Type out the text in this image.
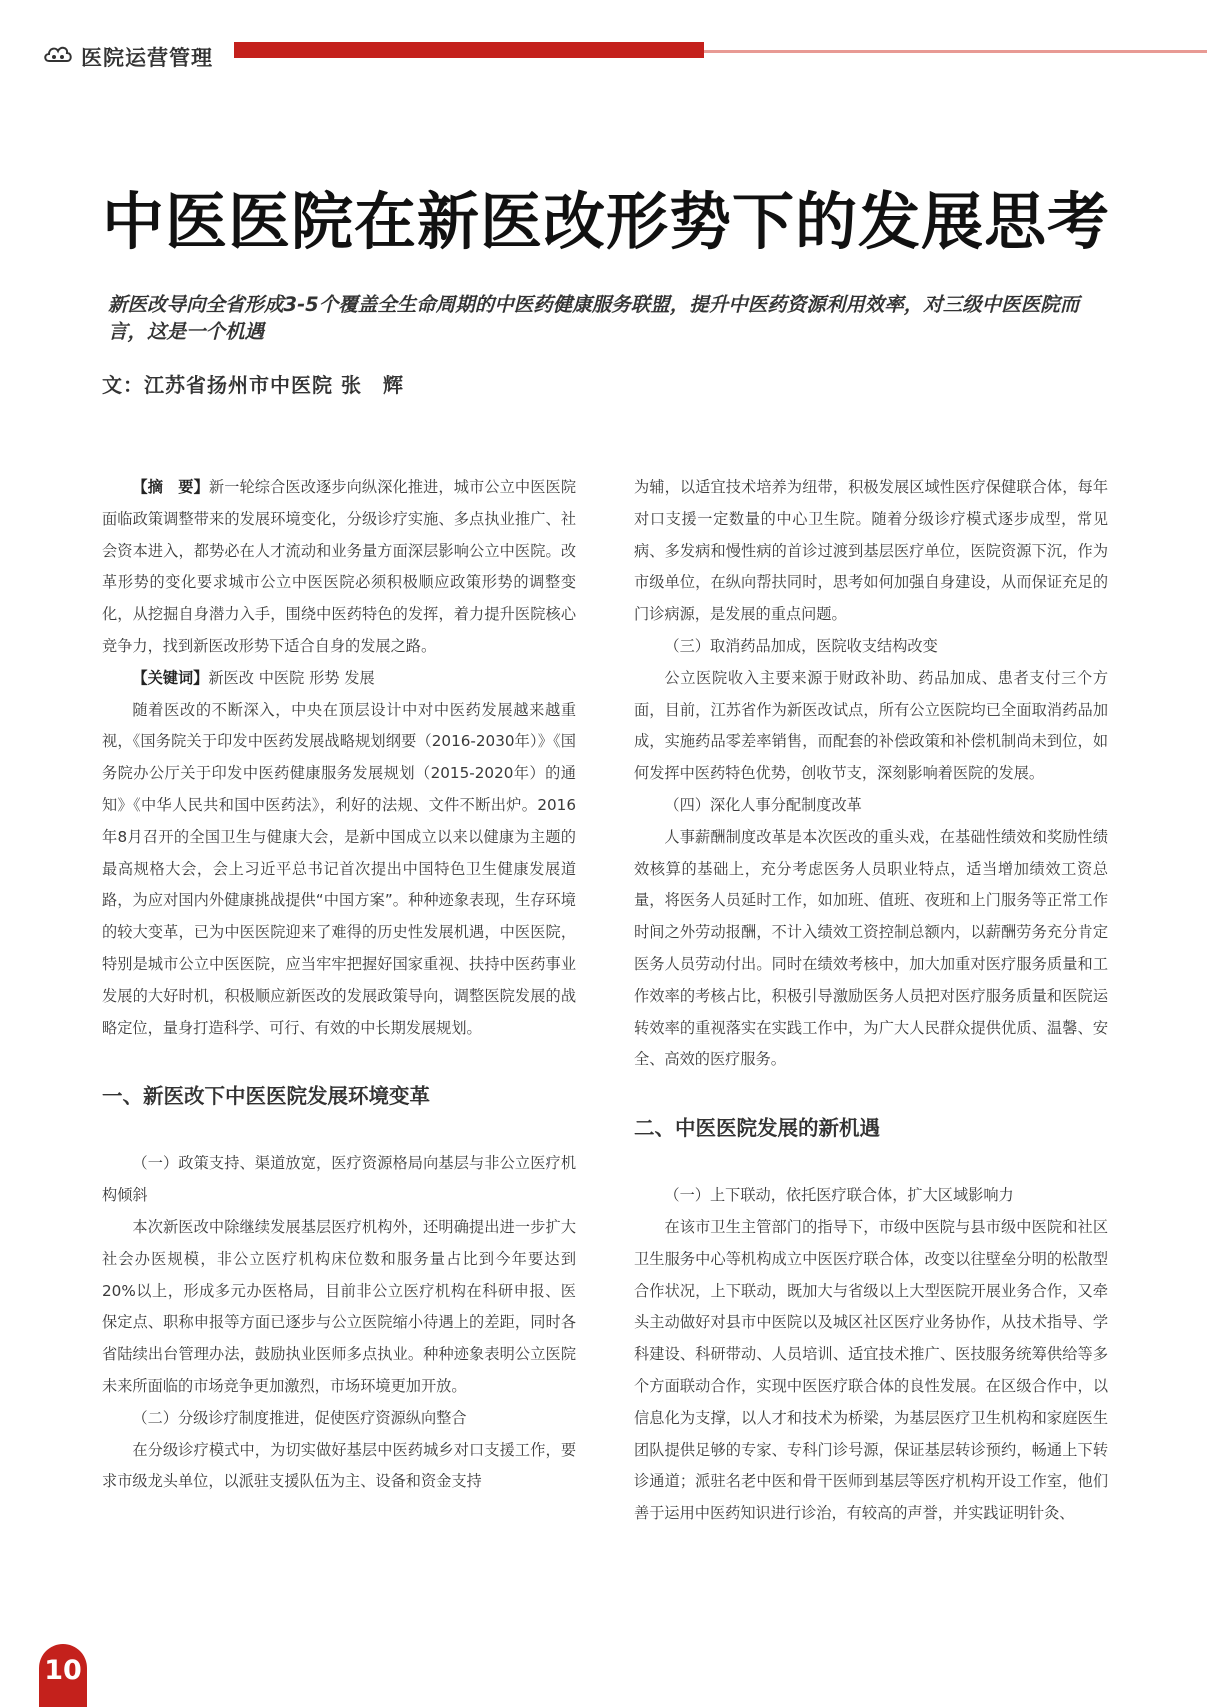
医院运营管理
中医医院在新医改形势下的发展思考
新医改导向全省形成3-5个覆盖全生命周期的中医药健康服务联盟，提升中医药资源利用效率，对三级中医医院而言，这是一个机遇
文：江苏省扬州市中医院 张　辉

【摘　要】新一轮综合医改逐步向纵深化推进，城市公立中医医院面临政策调整带来的发展环境变化，分级诊疗实施、多点执业推广、社会资本进入，都势必在人才流动和业务量方面深层影响公立中医院。改革形势的变化要求城市公立中医医院必须积极顺应政策形势的调整变化，从挖掘自身潜力入手，围绕中医药特色的发挥，着力提升医院核心竞争力，找到新医改形势下适合自身的发展之路。

【关键词】新医改 中医院 形势 发展

随着医改的不断深入，中央在顶层设计中对中医药发展越来越重视，《国务院关于印发中医药发展战略规划纲要（2016-2030年）》《国务院办公厅关于印发中医药健康服务发展规划（2015-2020年）的通知》《中华人民共和国中医药法》，利好的法规、文件不断出炉。2016年8月召开的全国卫生与健康大会，是新中国成立以来以健康为主题的最高规格大会，会上习近平总书记首次提出中国特色卫生健康发展道路，为应对国内外健康挑战提供“中国方案”。种种迹象表现，生存环境的较大变革，已为中医医院迎来了难得的历史性发展机遇，中医医院，特别是城市公立中医医院，应当牢牢把握好国家重视、扶持中医药事业发展的大好时机，积极顺应新医改的发展政策导向，调整医院发展的战略定位，量身打造科学、可行、有效的中长期发展规划。

一、新医改下中医医院发展环境变革

（一）政策支持、渠道放宽，医疗资源格局向基层与非公立医疗机构倾斜

本次新医改中除继续发展基层医疗机构外，还明确提出进一步扩大社会办医规模，非公立医疗机构床位数和服务量占比到今年要达到20%以上，形成多元办医格局，目前非公立医疗机构在科研申报、医保定点、职称申报等方面已逐步与公立医院缩小待遇上的差距，同时各省陆续出台管理办法，鼓励执业医师多点执业。种种迹象表明公立医院未来所面临的市场竞争更加激烈，市场环境更加开放。

（二）分级诊疗制度推进，促使医疗资源纵向整合

在分级诊疗模式中，为切实做好基层中医药城乡对口支援工作，要求市级龙头单位，以派驻支援队伍为主、设备和资金支持

为辅，以适宜技术培养为纽带，积极发展区域性医疗保健联合体，每年对口支援一定数量的中心卫生院。随着分级诊疗模式逐步成型，常见病、多发病和慢性病的首诊过渡到基层医疗单位，医院资源下沉，作为市级单位，在纵向帮扶同时，思考如何加强自身建设，从而保证充足的门诊病源，是发展的重点问题。

（三）取消药品加成，医院收支结构改变

公立医院收入主要来源于财政补助、药品加成、患者支付三个方面，目前，江苏省作为新医改试点，所有公立医院均已全面取消药品加成，实施药品零差率销售，而配套的补偿政策和补偿机制尚未到位，如何发挥中医药特色优势，创收节支，深刻影响着医院的发展。

（四）深化人事分配制度改革

人事薪酬制度改革是本次医改的重头戏，在基础性绩效和奖励性绩效核算的基础上，充分考虑医务人员职业特点，适当增加绩效工资总量，将医务人员延时工作，如加班、值班、夜班和上门服务等正常工作时间之外劳动报酬，不计入绩效工资控制总额内，以薪酬劳务充分肯定医务人员劳动付出。同时在绩效考核中，加大加重对医疗服务质量和工作效率的考核占比，积极引导激励医务人员把对医疗服务质量和医院运转效率的重视落实在实践工作中，为广大人民群众提供优质、温馨、安全、高效的医疗服务。

二、中医医院发展的新机遇

（一）上下联动，依托医疗联合体，扩大区域影响力

在该市卫生主管部门的指导下，市级中医院与县市级中医院和社区卫生服务中心等机构成立中医医疗联合体，改变以往壁垒分明的松散型合作状况，上下联动，既加大与省级以上大型医院开展业务合作，又牵头主动做好对县市中医院以及城区社区医疗业务协作，从技术指导、学科建设、科研带动、人员培训、适宜技术推广、医技服务统筹供给等多个方面联动合作，实现中医医疗联合体的良性发展。在区级合作中，以信息化为支撑，以人才和技术为桥梁，为基层医疗卫生机构和家庭医生团队提供足够的专家、专科门诊号源，保证基层转诊预约，畅通上下转诊通道；派驻名老中医和骨干医师到基层等医疗机构开设工作室，他们善于运用中医药知识进行诊治，有较高的声誉，并实践证明针灸、

10
